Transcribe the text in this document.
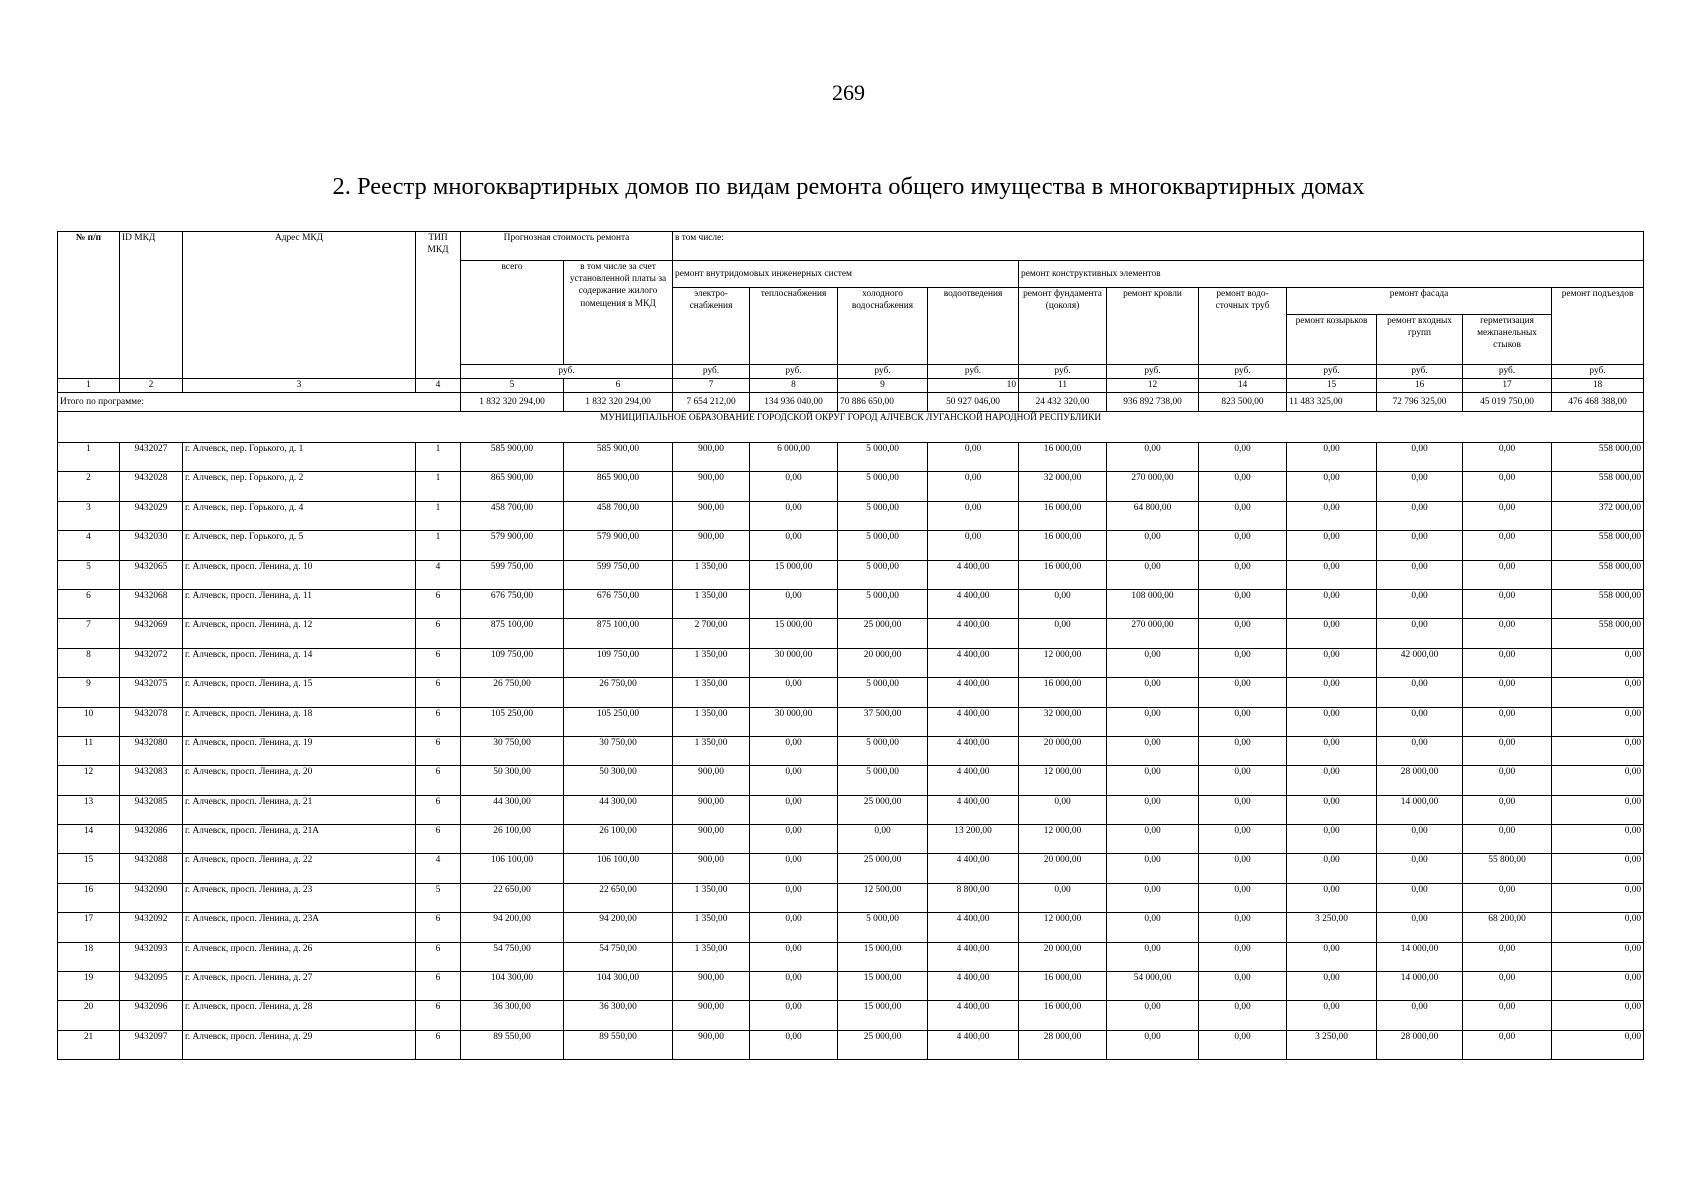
269
2. Реестр многоквартирных домов по видам ремонта общего имущества в многоквартирных домах
№ п/п	ID МКД	Адрес МКД	ТИП МКД	Прогнозная стоимость ремонта		в том числе:										
				всего	в том числе за счет установленной платы за содержание жилого помещения в МКД	ремонт внутридомовых инженерных систем				ремонт конструктивных элементов						
						электро-снабжения	теплоснабжения	холодного водоснабжения	водоотведения	ремонт фундамента (цоколя)	ремонт кровли	ремонт водо-сточных труб	ремонт фасада			ремонт подъездов
													ремонт козырьков	ремонт входных групп	герметизация межпанельных стыков	
				руб.		руб.	руб.	руб.	руб.	руб.	руб.	руб.	руб.	руб.	руб.	руб.
1	2	3	4	5	6	7	8	9	10	11	12	14	15	16	17	18
Итого по программе:				1 832 320 294,00	1 832 320 294,00	7 654 212,00	134 936 040,00	70 886 650,00	50 927 046,00	24 432 320,00	936 892 738,00	823 500,00	11 483 325,00	72 796 325,00	45 019 750,00	476 468 388,00
МУНИЦИПАЛЬНОЕ ОБРАЗОВАНИЕ ГОРОДСКОЙ ОКРУГ ГОРОД АЛЧЕВСК ЛУГАНСКОЙ НАРОДНОЙ РЕСПУБЛИКИ																
1	9432027	г. Алчевск, пер. Горького, д. 1	1	585 900,00	585 900,00	900,00	6 000,00	5 000,00	0,00	16 000,00	0,00	0,00	0,00	0,00	0,00	558 000,00
2	9432028	г. Алчевск, пер. Горького, д. 2	1	865 900,00	865 900,00	900,00	0,00	5 000,00	0,00	32 000,00	270 000,00	0,00	0,00	0,00	0,00	558 000,00
3	9432029	г. Алчевск, пер. Горького, д. 4	1	458 700,00	458 700,00	900,00	0,00	5 000,00	0,00	16 000,00	64 800,00	0,00	0,00	0,00	0,00	372 000,00
4	9432030	г. Алчевск, пер. Горького, д. 5	1	579 900,00	579 900,00	900,00	0,00	5 000,00	0,00	16 000,00	0,00	0,00	0,00	0,00	0,00	558 000,00
5	9432065	г. Алчевск, просп. Ленина, д. 10	4	599 750,00	599 750,00	1 350,00	15 000,00	5 000,00	4 400,00	16 000,00	0,00	0,00	0,00	0,00	0,00	558 000,00
6	9432068	г. Алчевск, просп. Ленина, д. 11	6	676 750,00	676 750,00	1 350,00	0,00	5 000,00	4 400,00	0,00	108 000,00	0,00	0,00	0,00	0,00	558 000,00
7	9432069	г. Алчевск, просп. Ленина, д. 12	6	875 100,00	875 100,00	2 700,00	15 000,00	25 000,00	4 400,00	0,00	270 000,00	0,00	0,00	0,00	0,00	558 000,00
8	9432072	г. Алчевск, просп. Ленина, д. 14	6	109 750,00	109 750,00	1 350,00	30 000,00	20 000,00	4 400,00	12 000,00	0,00	0,00	0,00	42 000,00	0,00	0,00
9	9432075	г. Алчевск, просп. Ленина, д. 15	6	26 750,00	26 750,00	1 350,00	0,00	5 000,00	4 400,00	16 000,00	0,00	0,00	0,00	0,00	0,00	0,00
10	9432078	г. Алчевск, просп. Ленина, д. 18	6	105 250,00	105 250,00	1 350,00	30 000,00	37 500,00	4 400,00	32 000,00	0,00	0,00	0,00	0,00	0,00	0,00
11	9432080	г. Алчевск, просп. Ленина, д. 19	6	30 750,00	30 750,00	1 350,00	0,00	5 000,00	4 400,00	20 000,00	0,00	0,00	0,00	0,00	0,00	0,00
12	9432083	г. Алчевск, просп. Ленина, д. 20	6	50 300,00	50 300,00	900,00	0,00	5 000,00	4 400,00	12 000,00	0,00	0,00	0,00	28 000,00	0,00	0,00
13	9432085	г. Алчевск, просп. Ленина, д. 21	6	44 300,00	44 300,00	900,00	0,00	25 000,00	4 400,00	0,00	0,00	0,00	0,00	14 000,00	0,00	0,00
14	9432086	г. Алчевск, просп. Ленина, д. 21А	6	26 100,00	26 100,00	900,00	0,00	0,00	13 200,00	12 000,00	0,00	0,00	0,00	0,00	0,00	0,00
15	9432088	г. Алчевск, просп. Ленина, д. 22	4	106 100,00	106 100,00	900,00	0,00	25 000,00	4 400,00	20 000,00	0,00	0,00	0,00	0,00	55 800,00	0,00
16	9432090	г. Алчевск, просп. Ленина, д. 23	5	22 650,00	22 650,00	1 350,00	0,00	12 500,00	8 800,00	0,00	0,00	0,00	0,00	0,00	0,00	0,00
17	9432092	г. Алчевск, просп. Ленина, д. 23А	6	94 200,00	94 200,00	1 350,00	0,00	5 000,00	4 400,00	12 000,00	0,00	0,00	3 250,00	0,00	68 200,00	0,00
18	9432093	г. Алчевск, просп. Ленина, д. 26	6	54 750,00	54 750,00	1 350,00	0,00	15 000,00	4 400,00	20 000,00	0,00	0,00	0,00	14 000,00	0,00	0,00
19	9432095	г. Алчевск, просп. Ленина, д. 27	6	104 300,00	104 300,00	900,00	0,00	15 000,00	4 400,00	16 000,00	54 000,00	0,00	0,00	14 000,00	0,00	0,00
20	9432096	г. Алчевск, просп. Ленина, д. 28	6	36 300,00	36 300,00	900,00	0,00	15 000,00	4 400,00	16 000,00	0,00	0,00	0,00	0,00	0,00	0,00
21	9432097	г. Алчевск, просп. Ленина, д. 29	6	89 550,00	89 550,00	900,00	0,00	25 000,00	4 400,00	28 000,00	0,00	0,00	3 250,00	28 000,00	0,00	0,00
